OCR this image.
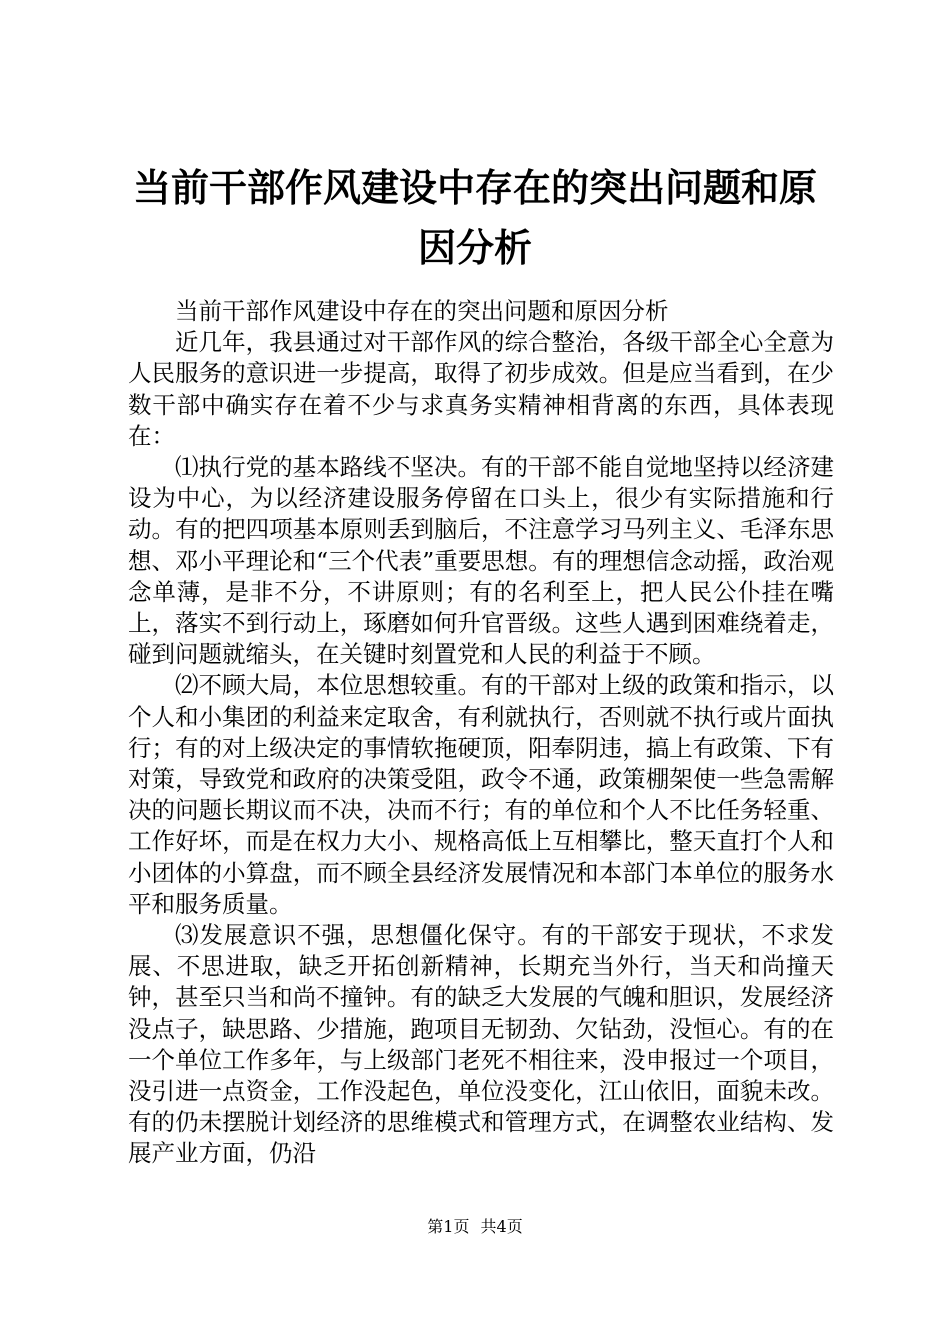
当前干部作风建设中存在的突出问题和原因分析

当前干部作风建设中存在的突出问题和原因分析

近几年，我县通过对干部作风的综合整治，各级干部全心全意为人民服务的意识进一步提高，取得了初步成效。但是应当看到，在少数干部中确实存在着不少与求真务实精神相背离的东西，具体表现在：

⑴执行党的基本路线不坚决。有的干部不能自觉地坚持以经济建设为中心，为以经济建设服务停留在口头上，很少有实际措施和行动。有的把四项基本原则丢到脑后，不注意学习马列主义、毛泽东思想、邓小平理论和“三个代表”重要思想。有的理想信念动摇，政治观念单薄，是非不分，不讲原则；有的名利至上，把人民公仆挂在嘴上，落实不到行动上，琢磨如何升官晋级。这些人遇到困难绕着走，碰到问题就缩头，在关键时刻置党和人民的利益于不顾。

⑵不顾大局，本位思想较重。有的干部对上级的政策和指示，以个人和小集团的利益来定取舍，有利就执行，否则就不执行或片面执行；有的对上级决定的事情软拖硬顶，阳奉阴违，搞上有政策、下有对策，导致党和政府的决策受阻，政令不通，政策棚架使一些急需解决的问题长期议而不决，决而不行；有的单位和个人不比任务轻重、工作好坏，而是在权力大小、规格高低上互相攀比，整天直打个人和小团体的小算盘，而不顾全县经济发展情况和本部门本单位的服务水平和服务质量。

⑶发展意识不强，思想僵化保守。有的干部安于现状，不求发展、不思进取，缺乏开拓创新精神，长期充当外行，当天和尚撞天钟，甚至只当和尚不撞钟。有的缺乏大发展的气魄和胆识，发展经济没点子，缺思路、少措施，跑项目无韧劲、欠钻劲，没恒心。有的在一个单位工作多年，与上级部门老死不相往来，没申报过一个项目，没引进一点资金，工作没起色，单位没变化，江山依旧，面貌未改。有的仍未摆脱计划经济的思维模式和管理方式，在调整农业结构、发展产业方面，仍沿

第1页 共4页
